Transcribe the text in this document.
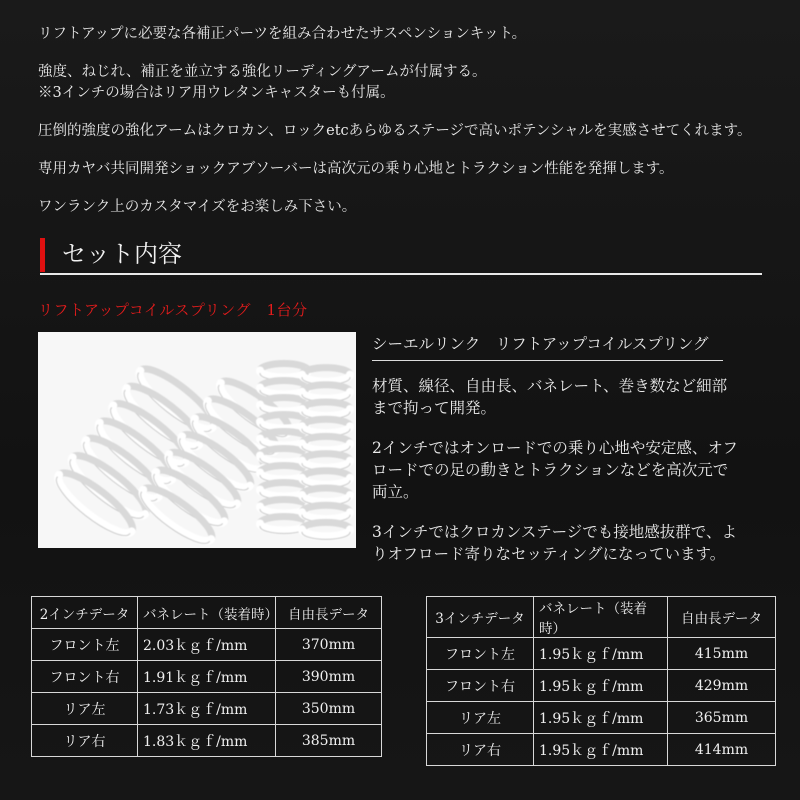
リフトアップに必要な各補正パーツを組み合わせたサスペンションキット。

強度、ねじれ、補正を並立する強化リーディングアームが付属する。

※3インチの場合はリア用ウレタンキャスターも付属。

圧倒的強度の強化アームはクロカン、ロックetcあらゆるステージで高いポテンシャルを実感させてくれます。

専用カヤバ共同開発ショックアブソーバーは高次元の乗り心地とトラクション性能を発揮します。

ワンランク上のカスタマイズをお楽しみ下さい。

セット内容
リフトアップコイルスプリング　1台分
シーエルリンク　リフトアップコイルスプリング

材質、線径、自由長、バネレート、巻き数など細部まで拘って開発。

2インチではオンロードでの乗り心地や安定感、オフロードでの足の動きとトラクションなどを高次元で両立。

3インチではクロカンステージでも接地感抜群で、よりオフロード寄りなセッティングになっています。

2インチデータ	バネレート（装着時）	自由長データ
フロント左	2.03ｋｇｆ/mm	370mm
フロント右	1.91ｋｇｆ/mm	390mm
リア左	1.73ｋｇｆ/mm	350mm
リア右	1.83ｋｇｆ/mm	385mm
3インチデータ	バネレート（装着時）	自由長データ
フロント左	1.95ｋｇｆ/mm	415mm
フロント右	1.95ｋｇｆ/mm	429mm
リア左	1.95ｋｇｆ/mm	365mm
リア右	1.95ｋｇｆ/mm	414mm
